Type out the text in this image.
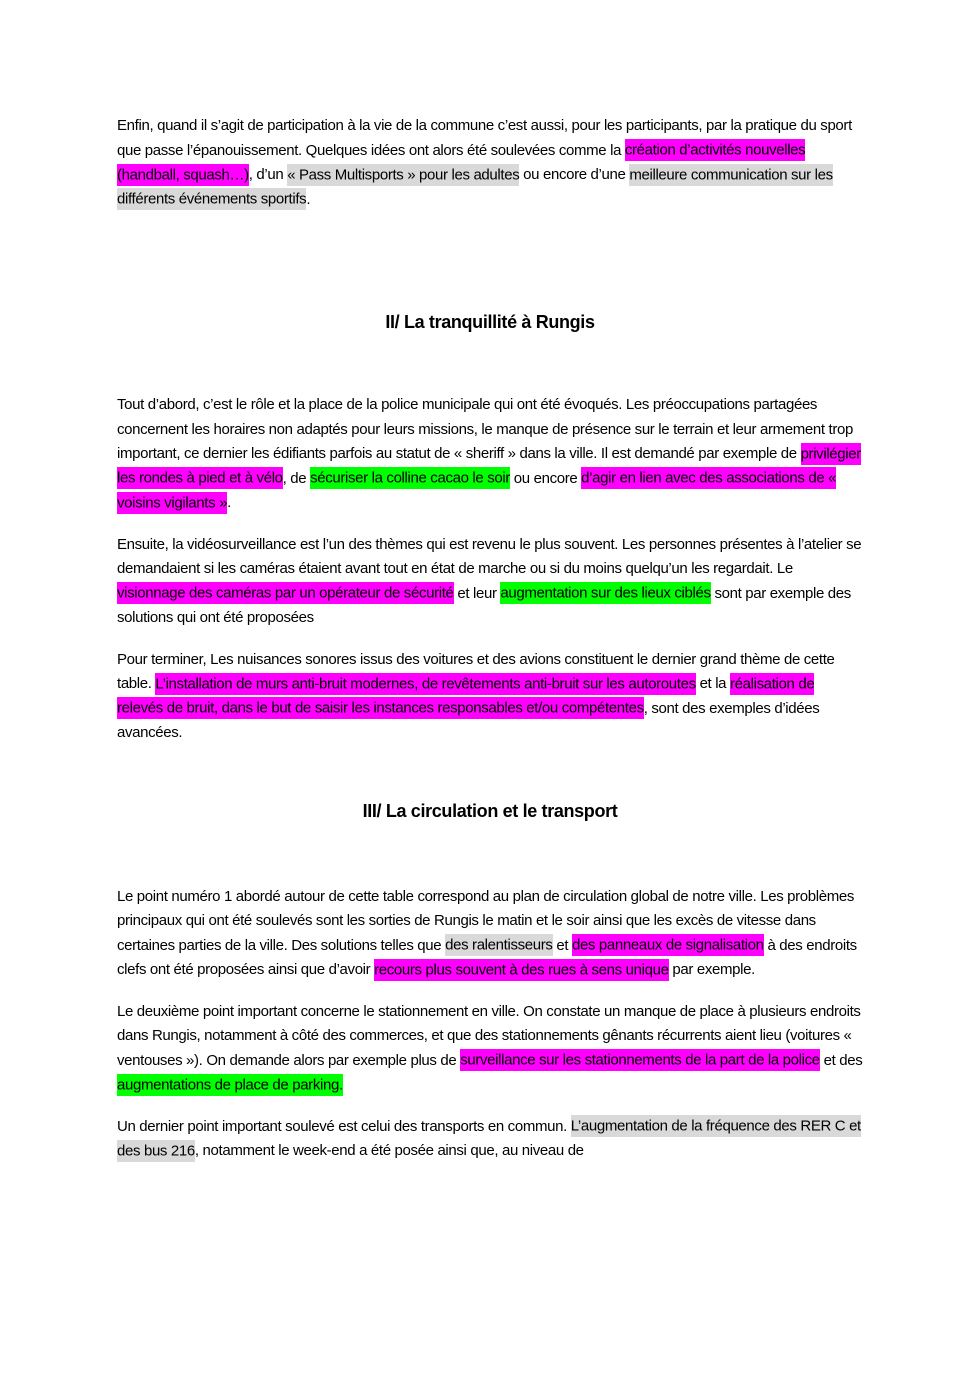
Enfin, quand il s’agit de participation à la vie de la commune c’est aussi, pour les participants, par la pratique du sport que passe l’épanouissement. Quelques idées ont alors été soulevées comme la création d’activités nouvelles (handball, squash…), d’un « Pass Multisports » pour les adultes ou encore d’une meilleure communication sur les différents événements sportifs.

II/ La tranquillité à Rungis

Tout d’abord, c’est le rôle et la place de la police municipale qui ont été évoqués. Les préoccupations partagées concernent les horaires non adaptés pour leurs missions, le manque de présence sur le terrain et leur armement trop important, ce dernier les édifiants parfois au statut de « sheriff » dans la ville. Il est demandé par exemple de privilégier les rondes à pied et à vélo, de sécuriser la colline cacao le soir ou encore d’agir en lien avec des associations de « voisins vigilants ».

Ensuite, la vidéosurveillance est l’un des thèmes qui est revenu le plus souvent. Les personnes présentes à l’atelier se demandaient si les caméras étaient avant tout en état de marche ou si du moins quelqu’un les regardait. Le visionnage des caméras par un opérateur de sécurité et leur augmentation sur des lieux ciblés sont par exemple des solutions qui ont été proposées

Pour terminer, Les nuisances sonores issus des voitures et des avions constituent le dernier grand thème de cette table. L’installation de murs anti-bruit modernes, de revêtements anti-bruit sur les autoroutes et la réalisation de relevés de bruit, dans le but de saisir les instances responsables et/ou compétentes, sont des exemples d’idées avancées.

III/ La circulation et le transport

Le point numéro 1 abordé autour de cette table correspond au plan de circulation global de notre ville. Les problèmes principaux qui ont été soulevés sont les sorties de Rungis le matin et le soir ainsi que les excès de vitesse dans certaines parties de la ville. Des solutions telles que des ralentisseurs et des panneaux de signalisation à des endroits clefs ont été proposées ainsi que d’avoir recours plus souvent à des rues à sens unique par exemple.

Le deuxième point important concerne le stationnement en ville. On constate un manque de place à plusieurs endroits dans Rungis, notamment à côté des commerces, et que des stationnements gênants récurrents aient lieu (voitures « ventouses »). On demande alors par exemple plus de surveillance sur les stationnements de la part de la police et des augmentations de place de parking.

Un dernier point important soulevé est celui des transports en commun. L’augmentation de la fréquence des RER C et des bus 216, notamment le week-end a été posée ainsi que, au niveau de
